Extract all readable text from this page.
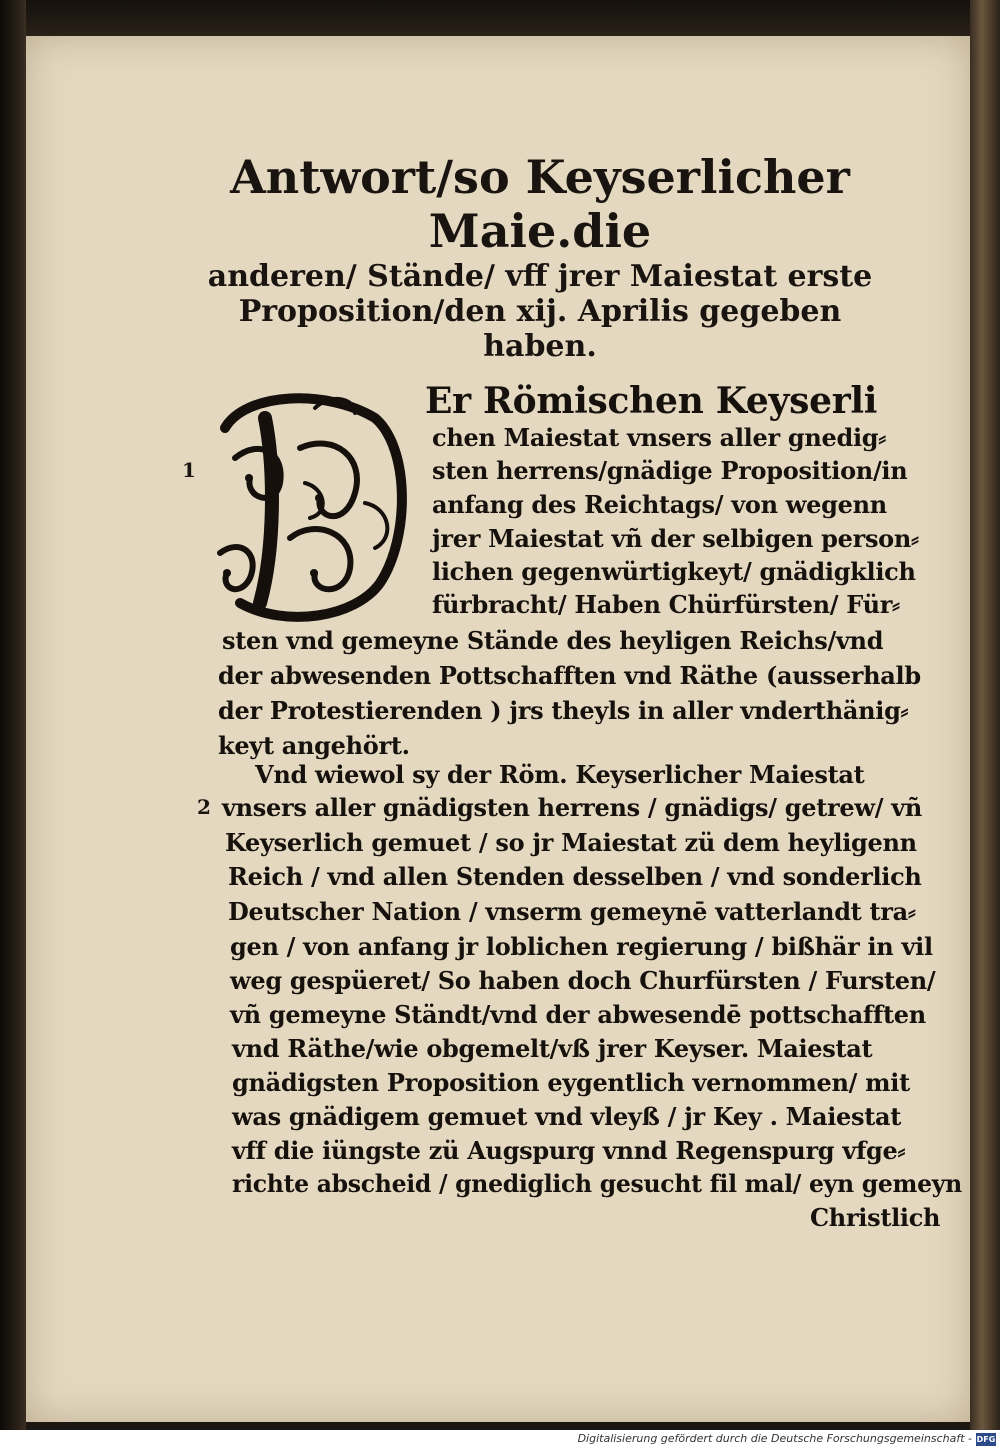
Antwort/so Keyserlicher Maie.die
anderen/ Stände/ vff jrer Maiestat erste
Proposition/den xij. Aprilis gegeben
haben.
Er Römischen Keyserli
chen Maiestat vnsers aller gnedig⸗
sten herrens/gnädige Proposition/in
anfang des Reichtags/ von wegenn
jrer Maiestat vñ der selbigen person⸗
lichen gegenwürtigkeyt/ gnädigklich
fürbracht/ Haben Chürfürsten/ Für⸗
sten vnd gemeyne Stände des heyligen Reichs/vnd
der abwesenden Pottschafften vnd Räthe (ausserhalb
der Protestierenden ) jrs theyls in aller vnderthänig⸗
keyt angehört.
Vnd wiewol sy der Röm. Keyserlicher Maiestat
vnsers aller gnädigsten herrens / gnädigs/ getrew/ vñ
Keyserlich gemuet / so jr Maiestat zü dem heyligenn
Reich / vnd allen Stenden desselben / vnd sonderlich
Deutscher Nation / vnserm gemeynē vatterlandt tra⸗
gen / von anfang jr loblichen regierung / bißhär in vil
weg gespüeret/ So haben doch Churfürsten / Fursten/
vñ gemeyne Ständt/vnd der abwesendē pottschafften
vnd Räthe/wie obgemelt/vß jrer Keyser. Maiestat
gnädigsten Proposition eygentlich vernommen/ mit
was gnädigem gemuet vnd vleyß / jr Key . Maiestat
vff die iüngste zü Augspurg vnnd Regenspurg vfge⸗
richte abscheid / gnediglich gesucht fil mal/ eyn gemeyn
Christlich
1
2
Digitalisierung gefördert durch die Deutsche Forschungsgemeinschaft - DFG
